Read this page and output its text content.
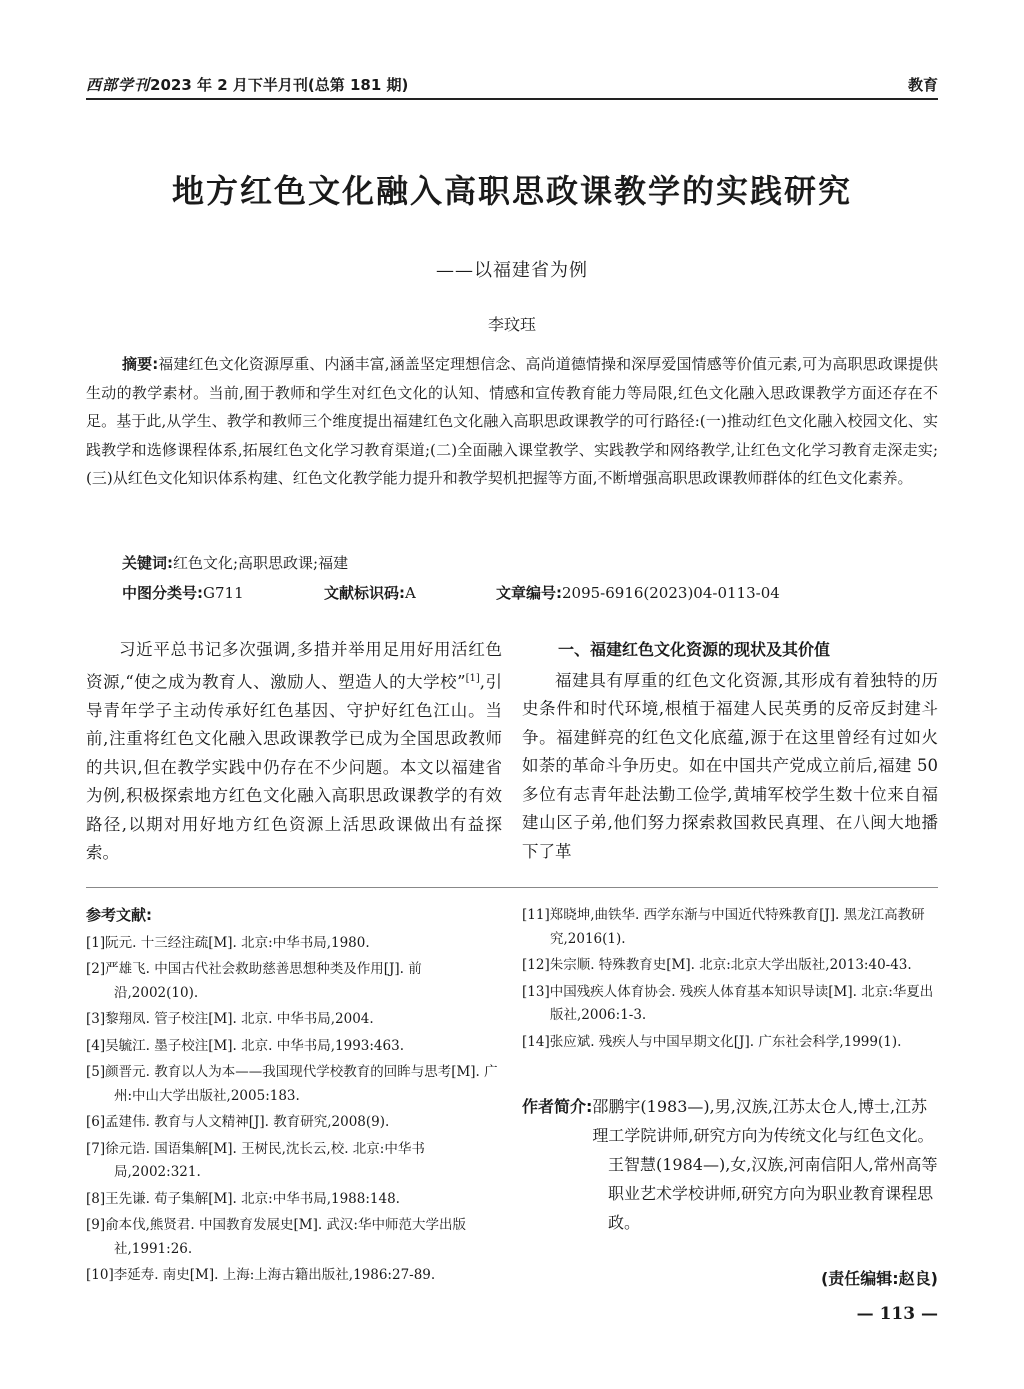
西部学刊2023 年 2 月下半月刊(总第 181 期)	教育
地方红色文化融入高职思政课教学的实践研究
——以福建省为例
李玟珏
摘要:福建红色文化资源厚重、内涵丰富,涵盖坚定理想信念、高尚道德情操和深厚爱国情感等价值元素,可为高职思政课提供生动的教学素材。当前,囿于教师和学生对红色文化的认知、情感和宣传教育能力等局限,红色文化融入思政课教学方面还存在不足。基于此,从学生、教学和教师三个维度提出福建红色文化融入高职思政课教学的可行路径:(一)推动红色文化融入校园文化、实践教学和选修课程体系,拓展红色文化学习教育渠道;(二)全面融入课堂教学、实践教学和网络教学,让红色文化学习教育走深走实;(三)从红色文化知识体系构建、红色文化教学能力提升和教学契机把握等方面,不断增强高职思政课教师群体的红色文化素养。
关键词:红色文化;高职思政课;福建
中图分类号:G711	文献标识码:A	文章编号:2095-6916(2023)04-0113-04

习近平总书记多次强调,多措并举用足用好用活红色资源,“使之成为教育人、激励人、塑造人的大学校”[1],引导青年学子主动传承好红色基因、守护好红色江山。当前,注重将红色文化融入思政课教学已成为全国思政教师的共识,但在教学实践中仍存在不少问题。本文以福建省为例,积极探索地方红色文化融入高职思政课教学的有效路径,以期对用好地方红色资源上活思政课做出有益探索。

一、福建红色文化资源的现状及其价值

福建具有厚重的红色文化资源,其形成有着独特的历史条件和时代环境,根植于福建人民英勇的反帝反封建斗争。福建鲜亮的红色文化底蕴,源于在这里曾经有过如火如荼的革命斗争历史。如在中国共产党成立前后,福建 50 多位有志青年赴法勤工俭学,黄埔军校学生数十位来自福建山区子弟,他们努力探索救国救民真理、在八闽大地播下了革

参考文献:

[1]阮元. 十三经注疏[M]. 北京:中华书局,1980.

[2]严雄飞. 中国古代社会救助慈善思想种类及作用[J]. 前沿,2002(10).

[3]黎翔凤. 管子校注[M]. 北京. 中华书局,2004.

[4]吴毓江. 墨子校注[M]. 北京. 中华书局,1993:463.

[5]颜晋元. 教育以人为本——我国现代学校教育的回眸与思考[M]. 广州:中山大学出版社,2005:183.

[6]孟建伟. 教育与人文精神[J]. 教育研究,2008(9).

[7]徐元诰. 国语集解[M]. 王树民,沈长云,校. 北京:中华书局,2002:321.

[8]王先谦. 荀子集解[M]. 北京:中华书局,1988:148.

[9]俞本伐,熊贤君. 中国教育发展史[M]. 武汉:华中师范大学出版社,1991:26.

[10]李延寿. 南史[M]. 上海:上海古籍出版社,1986:27-89.

[11]郑晓坤,曲铁华. 西学东渐与中国近代特殊教育[J]. 黑龙江高教研究,2016(1).

[12]朱宗顺. 特殊教育史[M]. 北京:北京大学出版社,2013:40-43.

[13]中国残疾人体育协会. 残疾人体育基本知识导读[M]. 北京:华夏出版社,2006:1-3.

[14]张应斌. 残疾人与中国早期文化[J]. 广东社会科学,1999(1).

作者简介: 邵鹏宇(1983—),男,汉族,江苏太仓人,博士,江苏理工学院讲师,研究方向为传统文化与红色文化。
王智慧(1984—),女,汉族,河南信阳人,常州高等职业艺术学校讲师,研究方向为职业教育课程思政。
(责任编辑:赵良)
— 113 —
